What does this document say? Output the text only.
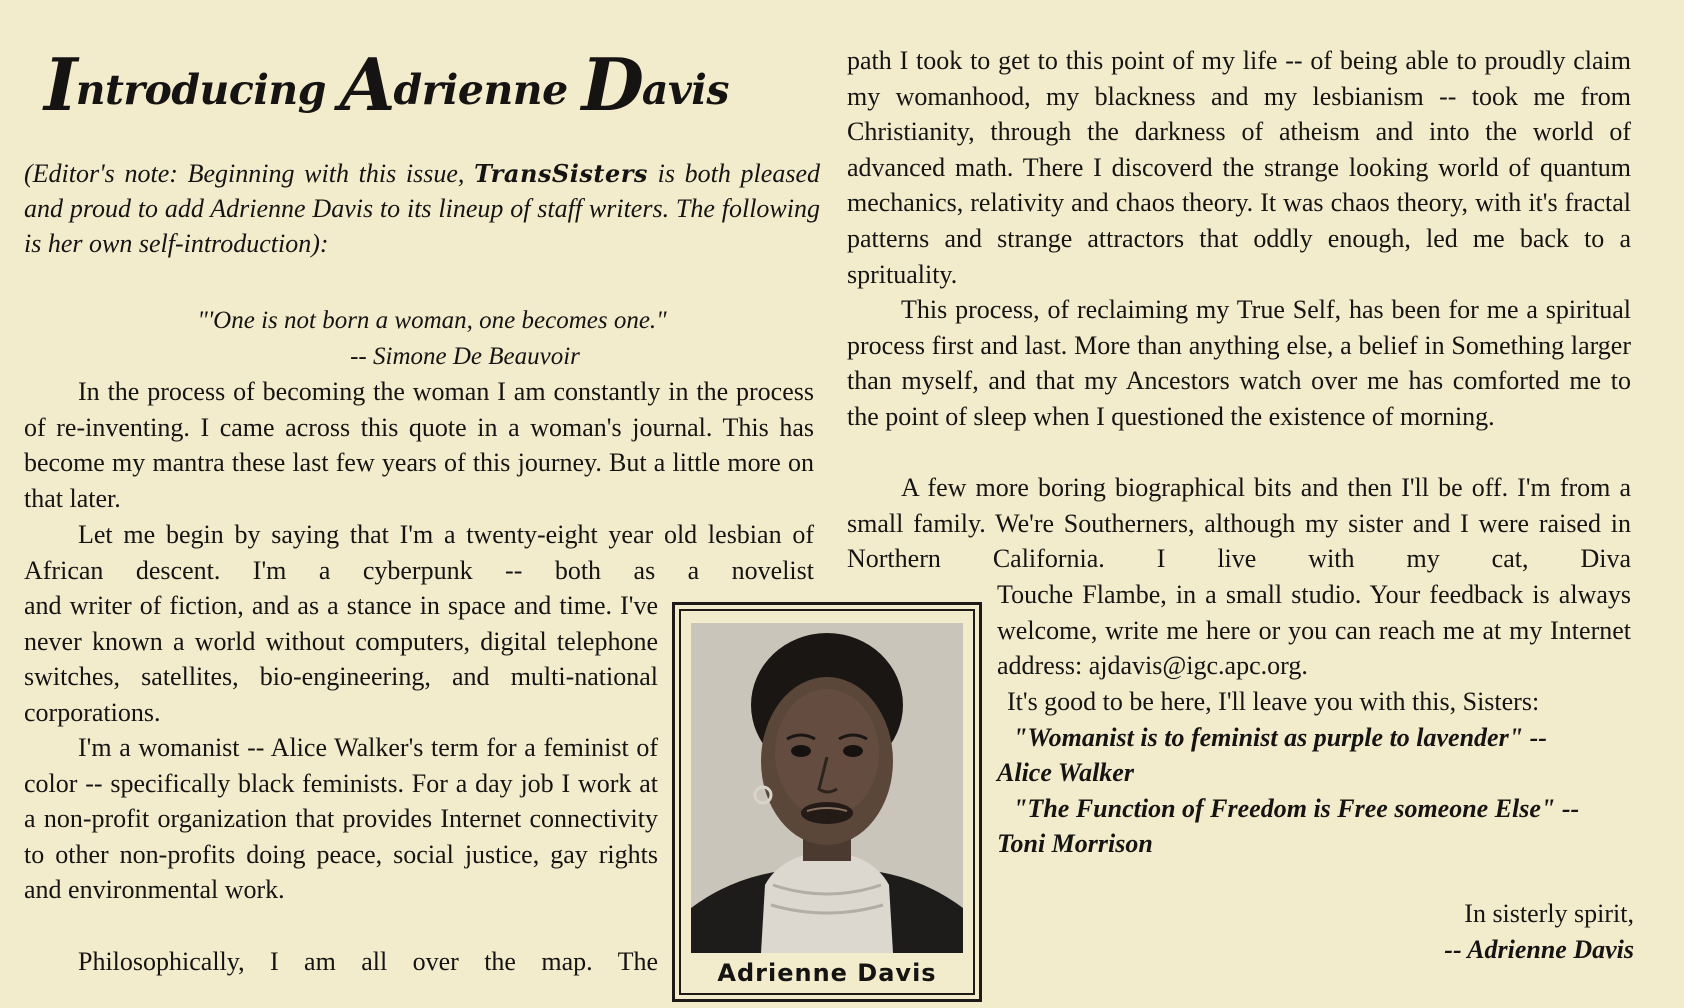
Introducing Adrienne Davis
(Editor's note: Beginning with this issue, TransSisters is both pleased and proud to add Adrienne Davis to its lineup of staff writers. The following is her own self-introduction):
"'One is not born a woman, one becomes one."
-- Simone De Beauvoir

In the process of becoming the woman I am constantly in the process of re-inventing. I came across this quote in a woman's journal. This has become my mantra these last few years of this journey. But a little more on that later.

Let me begin by saying that I'm a twenty-eight year old lesbian of African descent. I'm a cyberpunk -- both as a novelist

and writer of fiction, and as a stance in space and time. I've never known a world without computers, digital telephone switches, satellites, bio-engineering, and multi-national corporations.

I'm a womanist -- Alice Walker's term for a feminist of color -- specifically black feminists. For a day job I work at a non-profit organization that provides Internet connectivity to other non-profits doing peace, social justice, gay rights and environmental work.

Philosophically, I am all over the map. The

path I took to get to this point of my life -- of being able to proudly claim my womanhood, my blackness and my lesbianism -- took me from Christianity, through the darkness of atheism and into the world of advanced math. There I discoverd the strange looking world of quantum mechanics, relativity and chaos theory. It was chaos theory, with it's fractal patterns and strange attractors that oddly enough, led me back to a sprituality.

This process, of reclaiming my True Self, has been for me a spiritual process first and last. More than anything else, a belief in Something larger than myself, and that my Ancestors watch over me has comforted me to the point of sleep when I questioned the existence of morning.

A few more boring biographical bits and then I'll be off. I'm from a small family. We're Southerners, although my sister and I were raised in Northern California. I live with my cat, Diva

Touche Flambe, in a small studio. Your feedback is always welcome, write me here or you can reach me at my Internet address: ajdavis@igc.apc.org.

It's good to be here, I'll leave you with this, Sisters:
"Womanist is to feminist as purple to lavender" --
Alice Walker
"The Function of Freedom is Free someone Else" --
Toni Morrison
In sisterly spirit,
-- Adrienne Davis
Adrienne Davis
